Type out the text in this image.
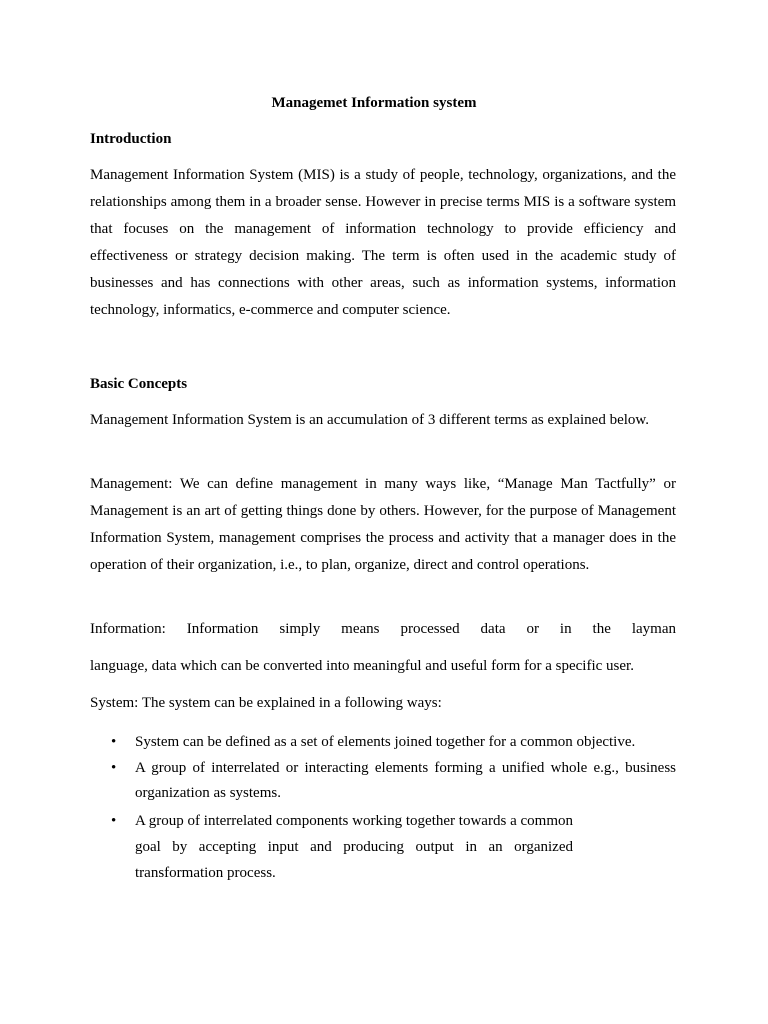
Managemet Information system
Introduction
Management Information System (MIS) is a study of people, technology, organizations, and the relationships among them in a broader sense. However in precise terms MIS is a software system that focuses on the management of information technology to provide efficiency and effectiveness or strategy decision making. The term is often used in the academic study of businesses and has connections with other areas, such as information systems, information technology, informatics, e-commerce and computer science.
Basic Concepts
Management Information System is an accumulation of 3 different terms as explained below.
Management: We can define management in many ways like, “Manage Man Tactfully” or Management is an art of getting things done by others. However, for the purpose of Management Information System, management comprises the process and activity that a manager does in the operation of their organization, i.e., to plan, organize, direct and control operations.
Information: Information simply means processed data or in the layman
language, data which can be converted into meaningful and useful form for a specific user.
System: The system can be explained in a following ways:
• System can be defined as a set of elements joined together for a common objective.
• A group of interrelated or interacting elements forming a unified whole e.g., business organization as systems.
• A group of interrelated components working together towards a common
goal by accepting input and producing output in an organized
transformation process.
